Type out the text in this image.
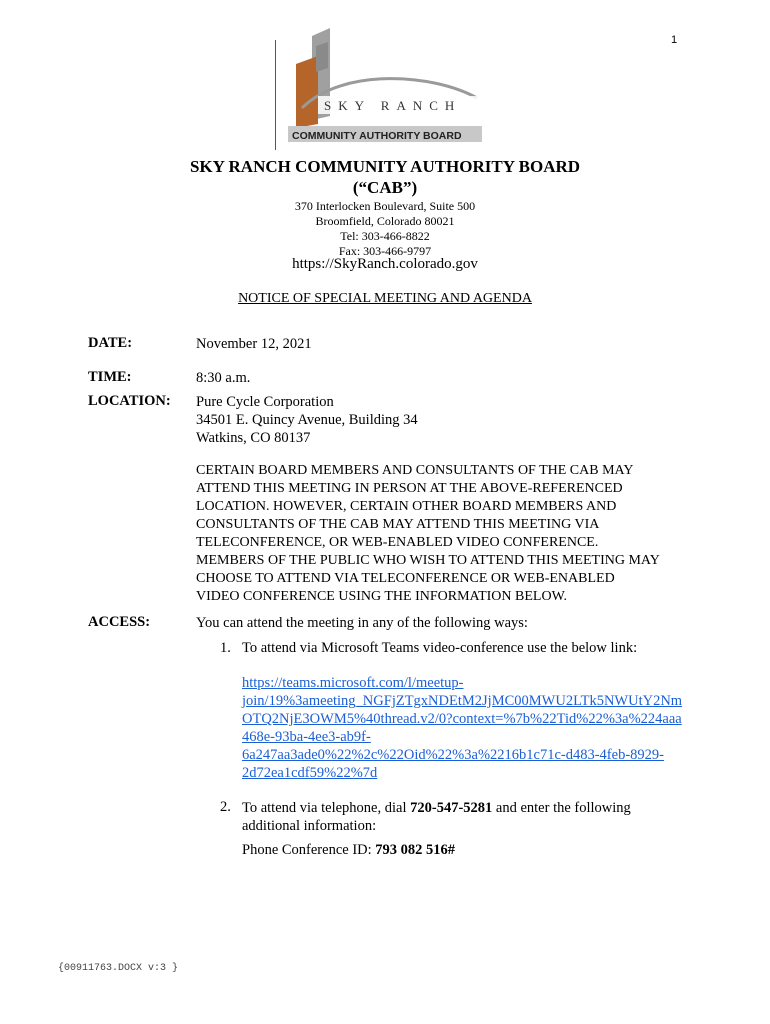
1
SKY RANCH
COMMUNITY AUTHORITY BOARD
SKY RANCH COMMUNITY AUTHORITY BOARD
(“CAB”)
370 Interlocken Boulevard, Suite 500
Broomfield, Colorado 80021
Tel: 303-466-8822
Fax: 303-466-9797
https://SkyRanch.colorado.gov
NOTICE OF SPECIAL MEETING AND AGENDA
DATE:	November 12, 2021
TIME:	8:30 a.m.
LOCATION: Pure Cycle Corporation
34501 E. Quincy Avenue, Building 34
Watkins, CO 80137
CERTAIN BOARD MEMBERS AND CONSULTANTS OF THE CAB MAY
ATTEND THIS MEETING IN PERSON AT THE ABOVE-REFERENCED
LOCATION. HOWEVER, CERTAIN OTHER BOARD MEMBERS AND
CONSULTANTS OF THE CAB MAY ATTEND THIS MEETING VIA
TELECONFERENCE, OR WEB-ENABLED VIDEO CONFERENCE.
MEMBERS OF THE PUBLIC WHO WISH TO ATTEND THIS MEETING MAY
CHOOSE TO ATTEND VIA TELECONFERENCE OR WEB-ENABLED
VIDEO CONFERENCE USING THE INFORMATION BELOW.
ACCESS:	You can attend the meeting in any of the following ways:
1. To attend via Microsoft Teams video-conference use the below link:
https://teams.microsoft.com/l/meetup-
join/19%3ameeting_NGFjZTgxNDEtM2JjMC00MWU2LTk5NWUtY2Nm
OTQ2NjE3OWM5%40thread.v2/0?context=%7b%22Tid%22%3a%224aaa
468e-93ba-4ee3-ab9f-
6a247aa3ade0%22%2c%22Oid%22%3a%2216b1c71c-d483-4feb-8929-
2d72ea1cdf59%22%7d
2. To attend via telephone, dial 720-547-5281 and enter the following
additional information:
Phone Conference ID: 793 082 516#
{00911763.DOCX v:3 }
